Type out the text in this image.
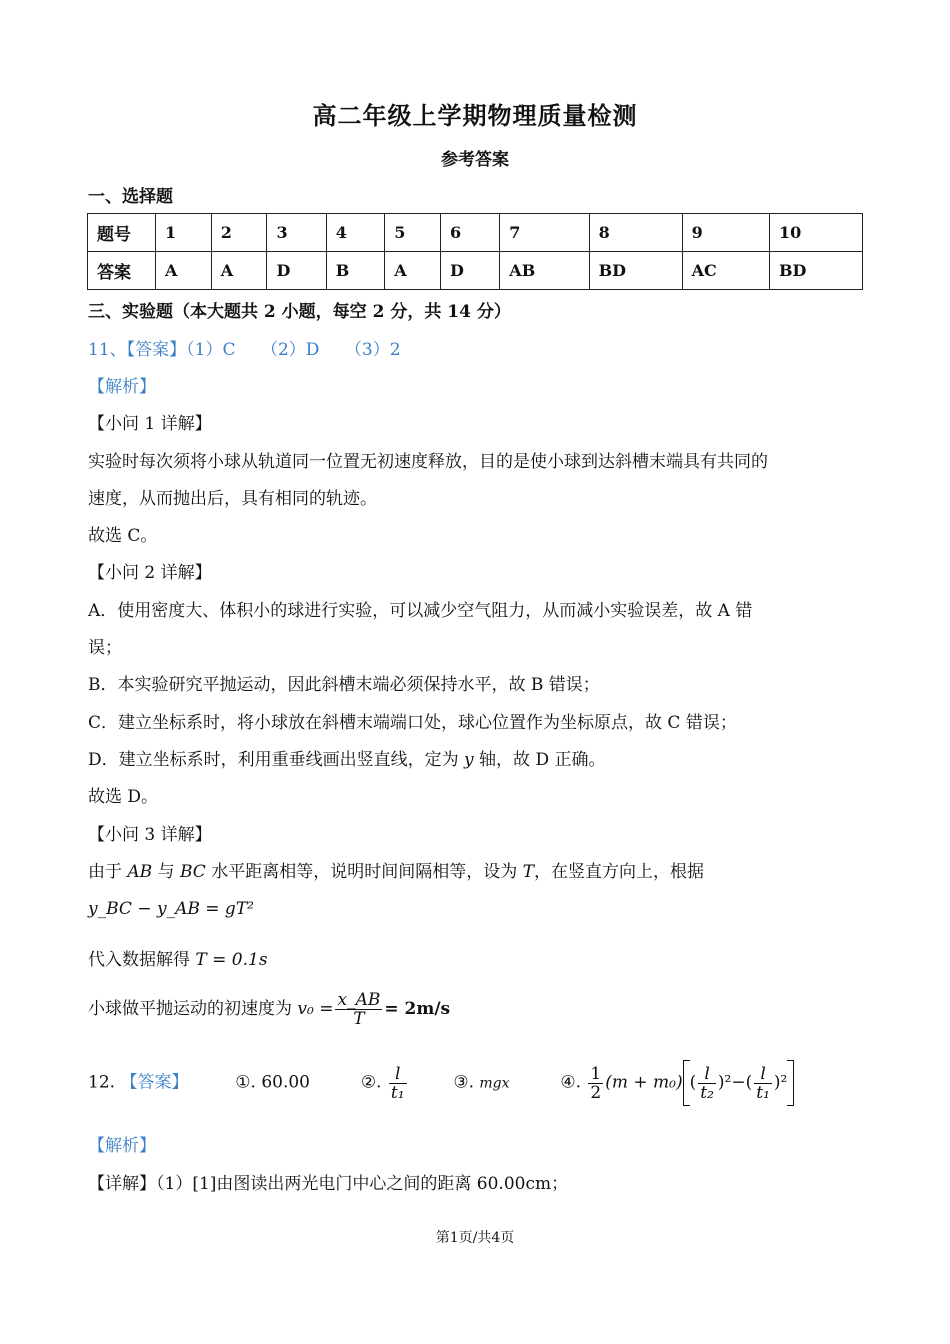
高二年级上学期物理质量检测
参考答案
一、选择题
题号	1	2	3	4	5	6	7	8	9	10
答案	A	A	D	B	A	D	AB	BD	AC	BD
三、实验题（本大题共 2 小题，每空 2 分，共 14 分）
11、【答案】（1）C　　（2）D　　（3）2
【解析】
【小问 1 详解】
实验时每次须将小球从轨道同一位置无初速度释放，目的是使小球到达斜槽末端具有共同的
速度，从而抛出后，具有相同的轨迹。
故选 C。
【小问 2 详解】
A．使用密度大、体积小的球进行实验，可以减少空气阻力，从而减小实验误差，故 A 错
误；
B．本实验研究平抛运动，因此斜槽末端必须保持水平，故 B 错误；
C．建立坐标系时，将小球放在斜槽末端端口处，球心位置作为坐标原点，故 C 错误；
D．建立坐标系时，利用重垂线画出竖直线，定为 y 轴，故 D 正确。
故选 D。
【小问 3 详解】
由于 AB 与 BC 水平距离相等，说明时间间隔相等，设为 T，在竖直方向上，根据
y_BC − y_AB = gT²
代入数据解得 T = 0.1s
小球做平抛运动的初速度为 $v_0 = \frac{x\_AB}{T} = 2m/s$
12. 【答案】	①. 60.00	②. $\frac{l}{\text{t₁}}$	③. mgx	④. $\frac{1}{2} (m + m_0)$ ( $\frac{l}{\text{t₂}} )^2-( \frac{l}{\text{t₁}} )^2$
【解析】
【详解】（1）[1]由图读出两光电门中心之间的距离 60.00cm；
第1页/共4页
